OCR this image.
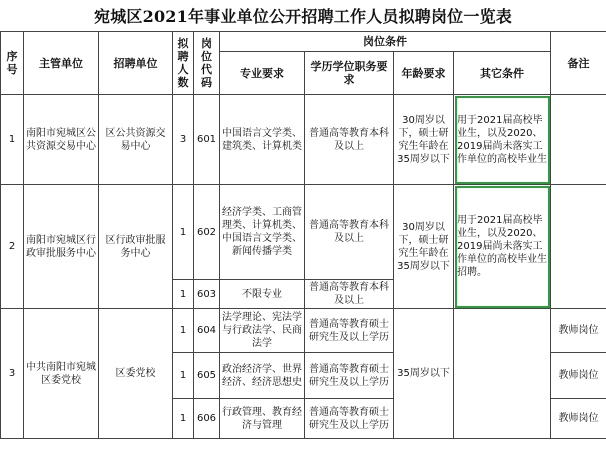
宛城区2021年事业单位公开招聘工作人员拟聘岗位一览表
序号	主管单位	招聘单位	拟聘人数	岗位代码	岗位条件				备注
					专业要求	学历学位职务要求	年龄要求	其它条件	
1	南阳市宛城区公共资源交易中心	区公共资源交易中心	3	601	中国语言文学类、建筑类、计算机类	普通高等教育本科及以上	30周岁以下，硕士研究生年龄在35周岁以下	用于2021届高校毕业生，以及2020、2019届尚未落实工作单位的高校毕业生	
2	南阳市宛城区行政审批服务中心	区行政审批服务中心	1	602	经济学类、工商管理类、计算机类、中国语言文学类、新闻传播学类	普通高等教育本科及以上	30周岁以下，硕士研究生年龄在35周岁以下	用于2021届高校毕业生，以及2020、2019届尚未落实工作单位的高校毕业生招聘。	
			1	603	不限专业	普通高等教育本科及以上			
3	中共南阳市宛城区委党校	区委党校	1	604	法学理论、宪法学与行政法学、民商法学	普通高等教育硕士研究生及以上学历	35周岁以下		教师岗位
			1	605	政治经济学、世界经济、经济思想史	普通高等教育硕士研究生及以上学历			教师岗位
			1	606	行政管理、教育经济与管理	普通高等教育硕士研究生及以上学历			教师岗位
